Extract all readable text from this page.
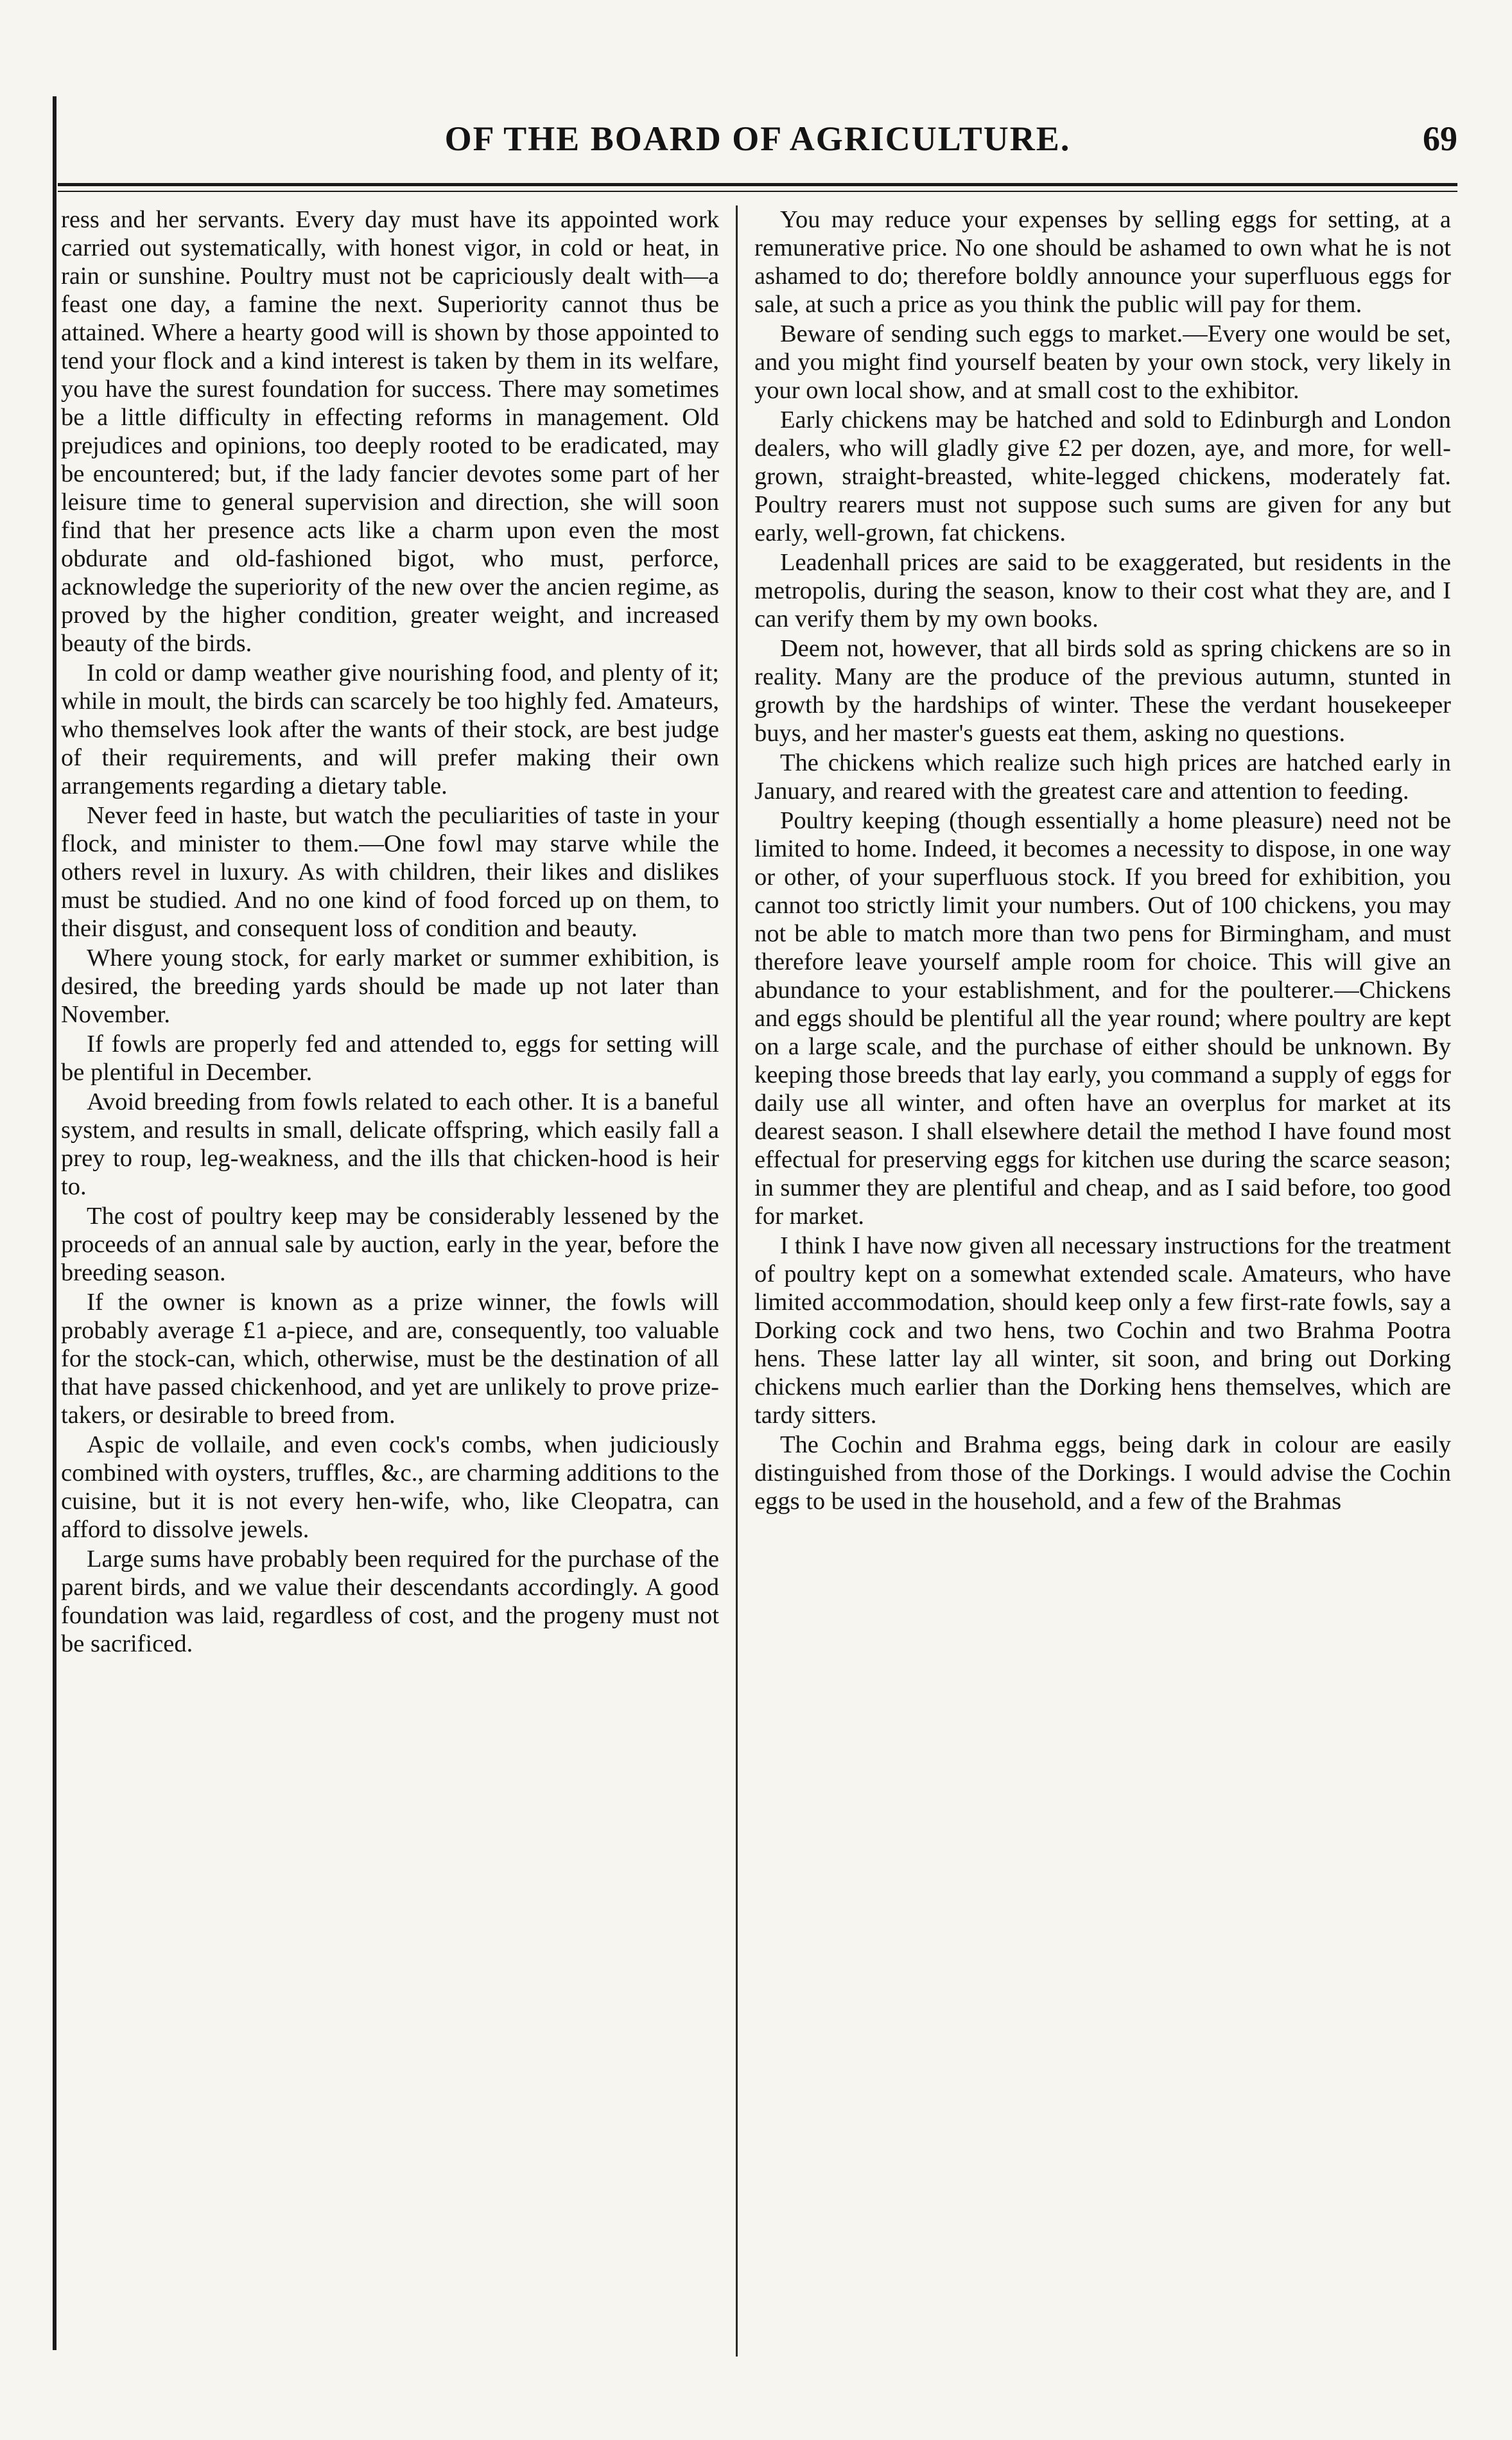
OF THE BOARD OF AGRICULTURE.	69

ress and her servants. Every day must have its appointed work carried out systematically, with honest vigor, in cold or heat, in rain or sunshine. Poultry must not be capriciously dealt with—a feast one day, a famine the next. Superiority cannot thus be attained. Where a hearty good will is shown by those appointed to tend your flock and a kind interest is taken by them in its welfare, you have the surest foundation for success. There may sometimes be a little difficulty in effecting reforms in management. Old prejudices and opinions, too deeply rooted to be eradicated, may be encountered; but, if the lady fancier devotes some part of her leisure time to general supervision and direction, she will soon find that her presence acts like a charm upon even the most obdurate and old-fashioned bigot, who must, perforce, acknowledge the superiority of the new over the ancien regime, as proved by the higher condition, greater weight, and increased beauty of the birds.

In cold or damp weather give nourishing food, and plenty of it; while in moult, the birds can scarcely be too highly fed. Amateurs, who themselves look after the wants of their stock, are best judge of their requirements, and will prefer making their own arrangements regarding a dietary table.

Never feed in haste, but watch the peculiarities of taste in your flock, and minister to them.—One fowl may starve while the others revel in luxury. As with children, their likes and dislikes must be studied. And no one kind of food forced up on them, to their disgust, and consequent loss of condition and beauty.

Where young stock, for early market or summer exhibition, is desired, the breeding yards should be made up not later than November.

If fowls are properly fed and attended to, eggs for setting will be plentiful in December.

Avoid breeding from fowls related to each other. It is a baneful system, and results in small, delicate offspring, which easily fall a prey to roup, leg-weakness, and the ills that chicken-hood is heir to.

The cost of poultry keep may be considerably lessened by the proceeds of an annual sale by auction, early in the year, before the breeding season.

If the owner is known as a prize winner, the fowls will probably average £1 a-piece, and are, consequently, too valuable for the stock-can, which, otherwise, must be the destination of all that have passed chickenhood, and yet are unlikely to prove prize-takers, or desirable to breed from.

Aspic de vollaile, and even cock's combs, when judiciously combined with oysters, truffles, &c., are charming additions to the cuisine, but it is not every hen-wife, who, like Cleopatra, can afford to dissolve jewels.

Large sums have probably been required for the purchase of the parent birds, and we value their descendants accordingly. A good foundation was laid, regardless of cost, and the progeny must not be sacrificed.

You may reduce your expenses by selling eggs for setting, at a remunerative price. No one should be ashamed to own what he is not ashamed to do; therefore boldly announce your superfluous eggs for sale, at such a price as you think the public will pay for them.

Beware of sending such eggs to market.—Every one would be set, and you might find yourself beaten by your own stock, very likely in your own local show, and at small cost to the exhibitor.

Early chickens may be hatched and sold to Edinburgh and London dealers, who will gladly give £2 per dozen, aye, and more, for well-grown, straight-breasted, white-legged chickens, moderately fat. Poultry rearers must not suppose such sums are given for any but early, well-grown, fat chickens.

Leadenhall prices are said to be exaggerated, but residents in the metropolis, during the season, know to their cost what they are, and I can verify them by my own books.

Deem not, however, that all birds sold as spring chickens are so in reality. Many are the produce of the previous autumn, stunted in growth by the hardships of winter. These the verdant housekeeper buys, and her master's guests eat them, asking no questions.

The chickens which realize such high prices are hatched early in January, and reared with the greatest care and attention to feeding.

Poultry keeping (though essentially a home pleasure) need not be limited to home. Indeed, it becomes a necessity to dispose, in one way or other, of your superfluous stock. If you breed for exhibition, you cannot too strictly limit your numbers. Out of 100 chickens, you may not be able to match more than two pens for Birmingham, and must therefore leave yourself ample room for choice. This will give an abundance to your establishment, and for the poulterer.—Chickens and eggs should be plentiful all the year round; where poultry are kept on a large scale, and the purchase of either should be unknown. By keeping those breeds that lay early, you command a supply of eggs for daily use all winter, and often have an overplus for market at its dearest season. I shall elsewhere detail the method I have found most effectual for preserving eggs for kitchen use during the scarce season; in summer they are plentiful and cheap, and as I said before, too good for market.

I think I have now given all necessary instructions for the treatment of poultry kept on a somewhat extended scale. Amateurs, who have limited accommodation, should keep only a few first-rate fowls, say a Dorking cock and two hens, two Cochin and two Brahma Pootra hens. These latter lay all winter, sit soon, and bring out Dorking chickens much earlier than the Dorking hens themselves, which are tardy sitters.

The Cochin and Brahma eggs, being dark in colour are easily distinguished from those of the Dorkings. I would advise the Cochin eggs to be used in the household, and a few of the Brahmas
